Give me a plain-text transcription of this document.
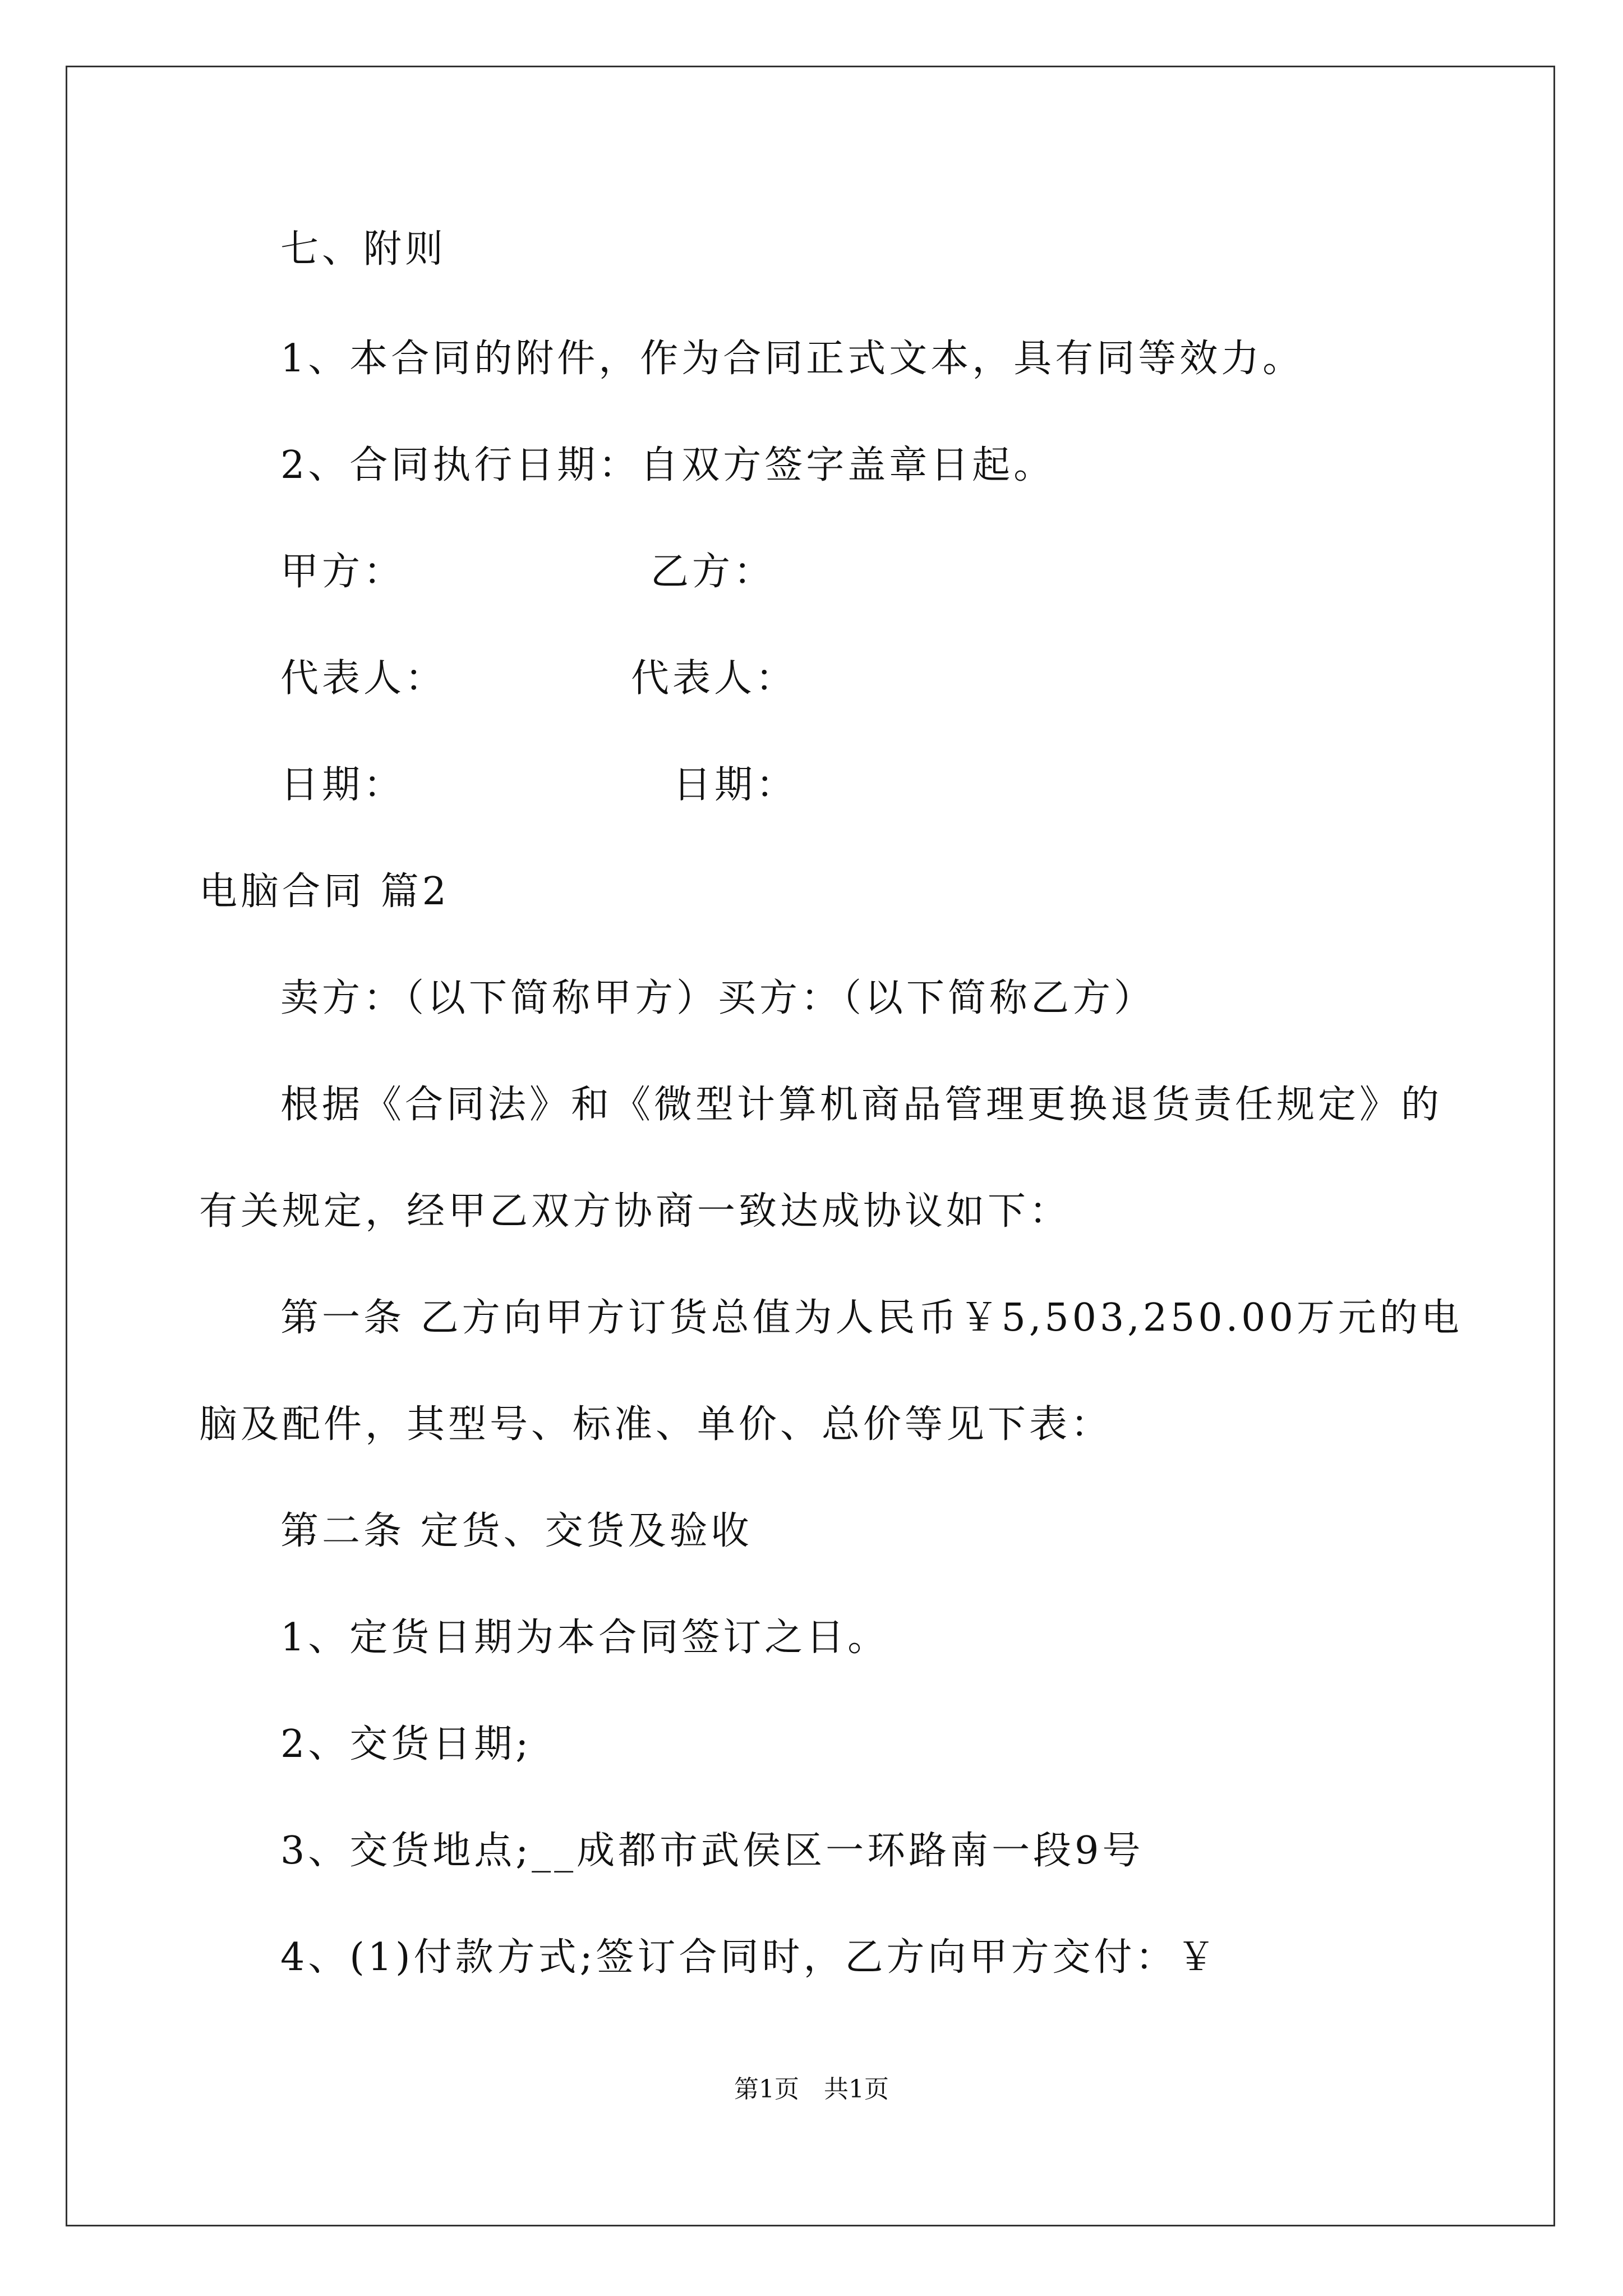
七、附则
1、本合同的附件，作为合同正式文本，具有同等效力。
2、合同执行日期：自双方签字盖章日起。
甲方：	乙方：
代表人：	代表人：
日期：	日期：
电脑合同 篇2
卖方：（以下简称甲方）买方：（以下简称乙方）
根据《合同法》和《微型计算机商品管理更换退货责任规定》的
有关规定，经甲乙双方协商一致达成协议如下：
第一条 乙方向甲方订货总值为人民币￥5,503,250.00万元的电
脑及配件，其型号、标准、单价、总价等见下表：
第二条 定货、交货及验收
1、定货日期为本合同签订之日。
2、交货日期;
3、交货地点;__成都市武侯区一环路南一段9号
4、(1)付款方式;签订合同时，乙方向甲方交付：￥
第1页　共1页
